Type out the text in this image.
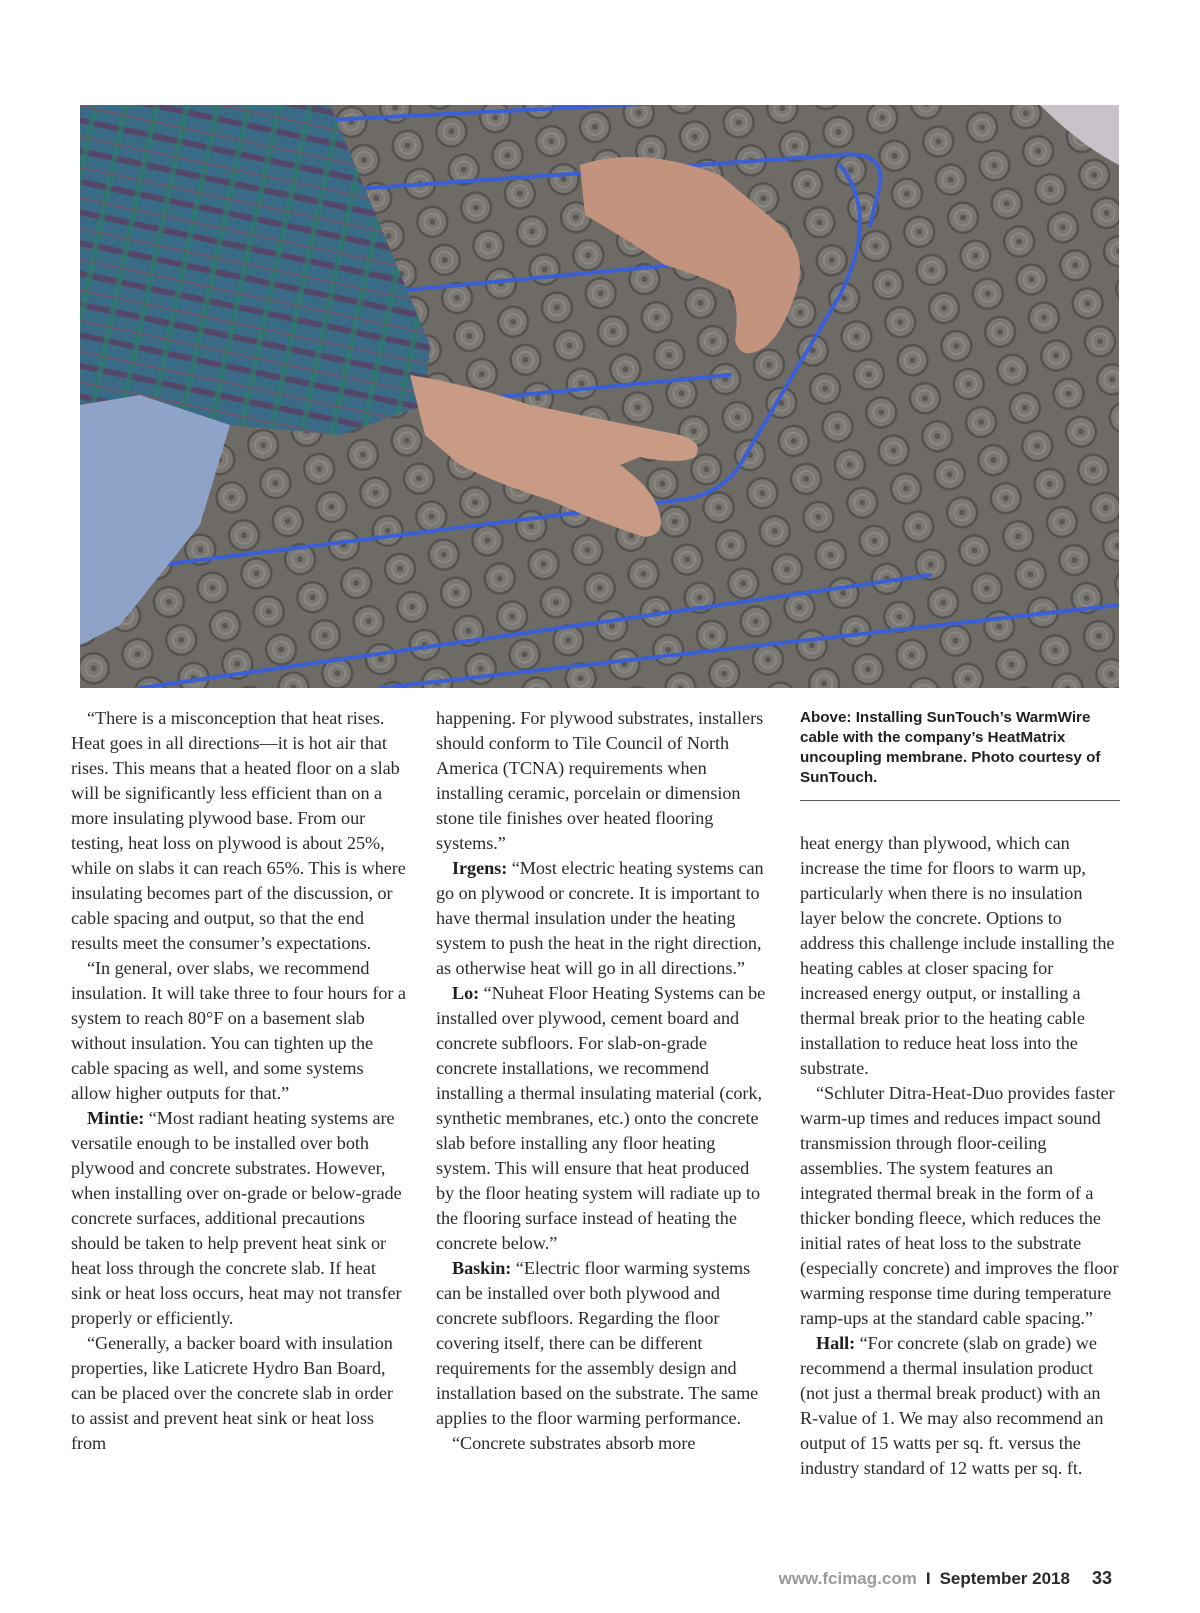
Above: Installing SunTouch’s WarmWire cable with the company’s HeatMatrix uncoupling membrane. Photo courtesy of SunTouch.

“There is a misconception that heat rises. Heat goes in all directions—it is hot air that rises. This means that a heated floor on a slab will be significantly less efficient than on a more insulating plywood base. From our testing, heat loss on plywood is about 25%, while on slabs it can reach 65%. This is where insulating becomes part of the discussion, or cable spacing and output, so that the end results meet the consumer’s expectations.

“In general, over slabs, we recommend insulation. It will take three to four hours for a system to reach 80°F on a basement slab without insulation. You can tighten up the cable spacing as well, and some systems allow higher outputs for that.”

Mintie: “Most radiant heating systems are versatile enough to be installed over both plywood and concrete substrates. However, when installing over on-grade or below-grade concrete surfaces, additional precautions should be taken to help prevent heat sink or heat loss through the concrete slab. If heat sink or heat loss occurs, heat may not transfer properly or efficiently.

“Generally, a backer board with insulation properties, like Laticrete Hydro Ban Board, can be placed over the concrete slab in order to assist and prevent heat sink or heat loss from

happening. For plywood substrates, installers should conform to Tile Council of North America (TCNA) requirements when installing ceramic, porcelain or dimension stone tile finishes over heated flooring systems.”

Irgens: “Most electric heating systems can go on plywood or concrete. It is important to have thermal insulation under the heating system to push the heat in the right direction, as otherwise heat will go in all directions.”

Lo: “Nuheat Floor Heating Systems can be installed over plywood, cement board and concrete subfloors. For slab-on-grade concrete installations, we recommend installing a thermal insulating material (cork, synthetic membranes, etc.) onto the concrete slab before installing any floor heating system. This will ensure that heat produced by the floor heating system will radiate up to the flooring surface instead of heating the concrete below.”

Baskin: “Electric floor warming systems can be installed over both plywood and concrete subfloors. Regarding the floor covering itself, there can be different requirements for the assembly design and installation based on the substrate. The same applies to the floor warming performance.

“Concrete substrates absorb more

heat energy than plywood, which can increase the time for floors to warm up, particularly when there is no insulation layer below the concrete. Options to address this challenge include installing the heating cables at closer spacing for increased energy output, or installing a thermal break prior to the heating cable installation to reduce heat loss into the substrate.

“Schluter Ditra-Heat-Duo provides faster warm-up times and reduces impact sound transmission through floor-ceiling assemblies. The system features an integrated thermal break in the form of a thicker bonding fleece, which reduces the initial rates of heat loss to the substrate (especially concrete) and improves the floor warming response time during temperature ramp-ups at the standard cable spacing.”

Hall: “For concrete (slab on grade) we recommend a thermal insulation product (not just a thermal break product) with an R-value of 1. We may also recommend an output of 15 watts per sq. ft. versus the industry standard of 12 watts per sq. ft.

www.fcimag.com I September 2018 33
